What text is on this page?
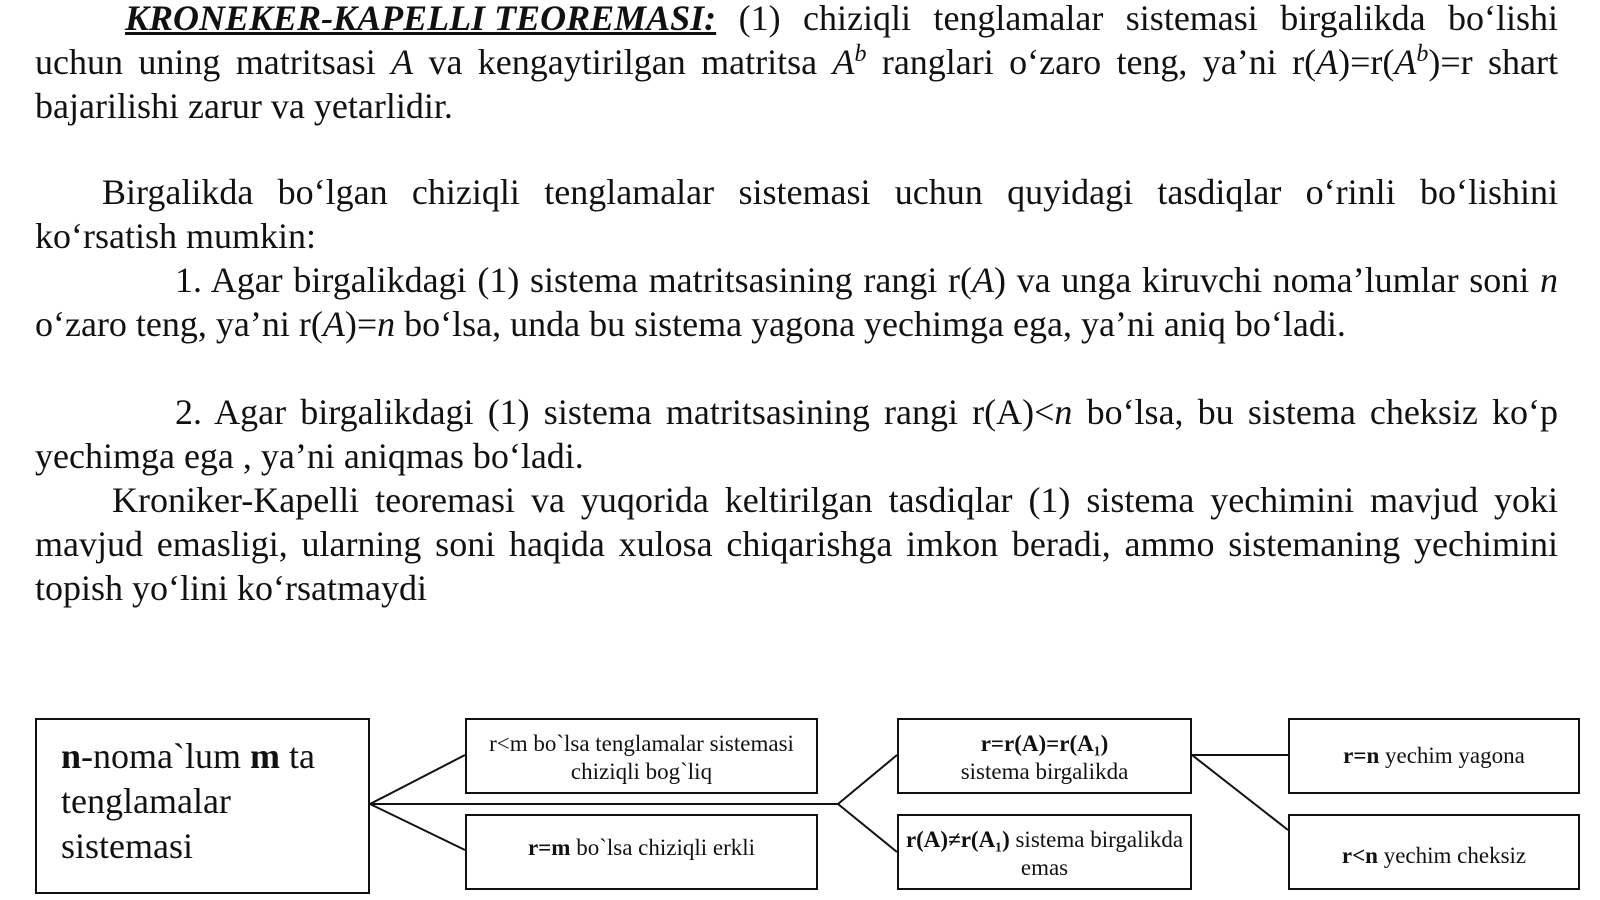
KRONEKER-KAPELLI TEOREMASI: (1) chiziqli tenglamalar sistemasi birgalikda bo‘lishi uchun uning matritsasi A va kengaytirilgan matritsa $A^b$ ranglari o‘zaro teng, ya’ni $r(A)=r(A^b)=r$ shart bajarilishi zarur va yetarlidir.
Birgalikda bo‘lgan chiziqli tenglamalar sistemasi uchun quyidagi tasdiqlar o‘rinli bo‘lishini ko‘rsatish mumkin:
1. Agar birgalikdagi (1) sistema matritsasining rangi r(A) va unga kiruvchi noma’lumlar soni n o‘zaro teng, ya’ni r(A)=n bo‘lsa, unda bu sistema yagona yechimga ega, ya’ni aniq bo‘ladi.
2. Agar birgalikdagi (1) sistema matritsasining rangi r(A)<n bo‘lsa, bu sistema cheksiz ko‘p yechimga ega , ya’ni aniqmas bo‘ladi.
Kroniker-Kapelli teoremasi va yuqorida keltirilgan tasdiqlar (1) sistema yechimini mavjud yoki mavjud emasligi, ularning soni haqida xulosa chiqarishga imkon beradi, ammo sistemaning yechimini topish yo‘lini ko‘rsatmaydi
n-noma`lum m ta tenglamalar sistemasi
r<m bo`lsa tenglamalar sistemasi chiziqli bog`liq
r=m bo`lsa chiziqli erkli
r=r(A)=r(A₁)
sistema birgalikda
r(A)≠r(A₁) sistema birgalikda emas
r=n yechim yagona
r<n yechim cheksiz
